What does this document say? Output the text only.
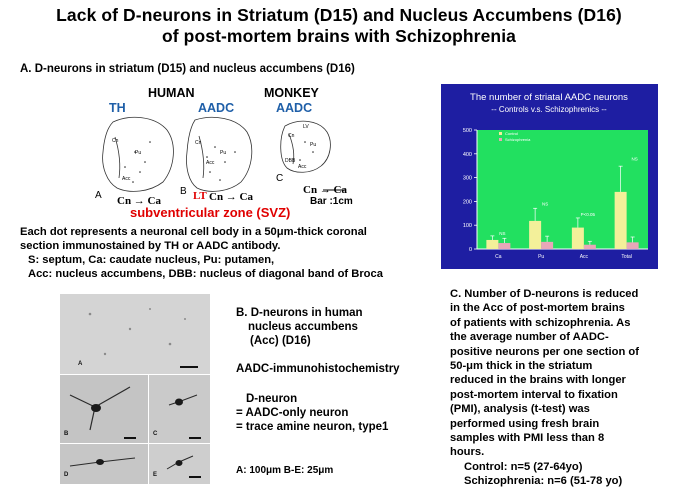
Lack of D-neurons in Striatum (D15) and Nucleus Accumbens (D16)
of post-mortem brains with Schizophrenia
A. D-neurons in striatum (D15) and nucleus accumbens (D16)
HUMAN	MONKEY
TH	AADC	AADC
Cn
Pu
Acc
Cn
Pu
Acc
Cn
Pu
DBB
Acc
LV
A	B
C
Cn → Ca	LT Cn → Ca
Cn → Ca
Bar :1cm
subventricular zone (SVZ)
Each dot represents a neuronal cell body in a 50μm-thick coronal
section immunostained by TH or AADC antibody.
S: septum, Ca: caudate nucleus, Pu: putamen,
Acc: nucleus accumbens, DBB: nucleus of diagonal band of Broca
The number of striatal AADC neurons
-- Controls v.s. Schizophrenics --
0
100
200
300
400
500
NS
Ca
NS
Pu
P<0.05
Acc
NS
Total
Control
Schizophrenia
A
B	C
D	E
B. D-neurons in human
nucleus accumbens
(Acc) (D16)
AADC-immunohistochemistry
D-neuron
= AADC-only neuron
= trace amine neuron, type1
A: 100μm B-E: 25μm
C. Number of D-neurons is reduced
in the Acc of post-mortem brains
of patients with schizophrenia. As
the average number of AADC-
positive neurons per one section of
50-μm thick in the striatum
reduced in the brains with longer
post-mortem interval to fixation
(PMI), analysis (t-test) was
performed using fresh brain
samples with PMI less than 8
hours.
Control: n=5 (27-64yo)
Schizophrenia: n=6 (51-78 yo)
